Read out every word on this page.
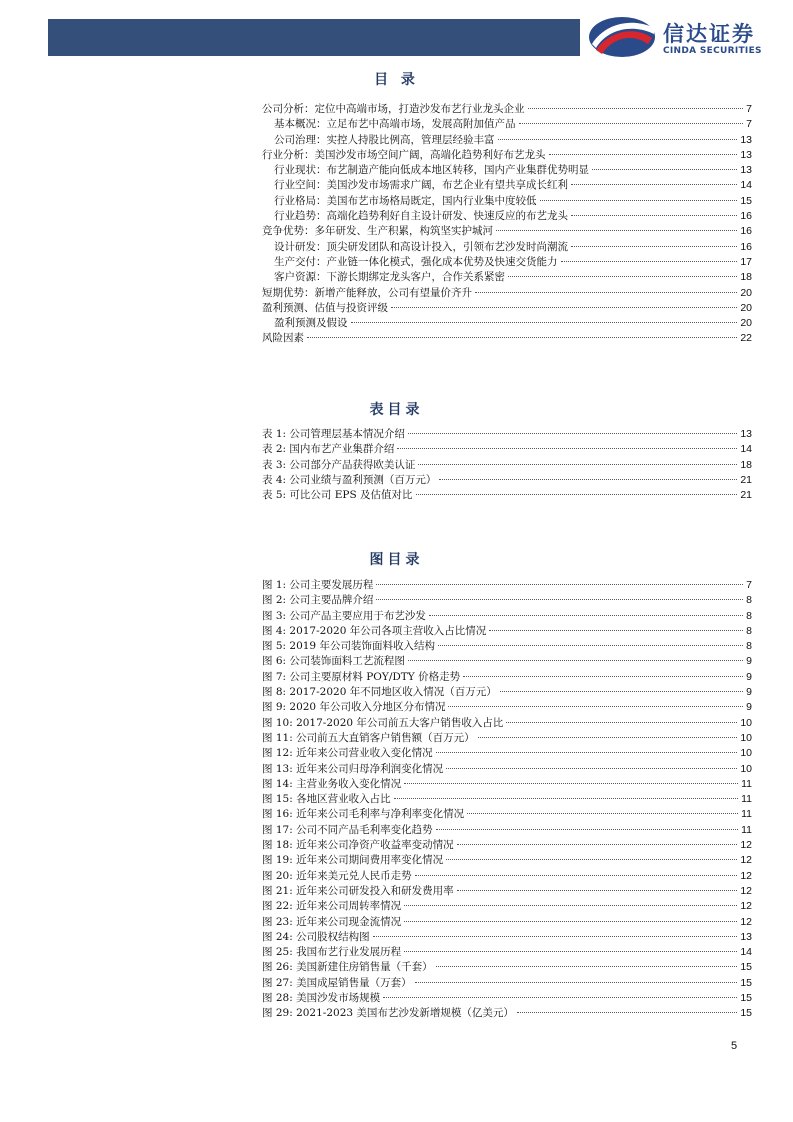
信达证券
CINDA SECURITIES
目 录
公司分析：定位中高端市场，打造沙发布艺行业龙头企业	7
基本概况：立足布艺中高端市场，发展高附加值产品	7
公司治理：实控人持股比例高，管理层经验丰富	13
行业分析：美国沙发市场空间广阔，高端化趋势利好布艺龙头	13
行业现状：布艺制造产能向低成本地区转移，国内产业集群优势明显	13
行业空间：美国沙发市场需求广阔，布艺企业有望共享成长红利	14
行业格局：美国布艺市场格局既定，国内行业集中度较低	15
行业趋势：高端化趋势利好自主设计研发、快速反应的布艺龙头	16
竞争优势：多年研发、生产积累，构筑坚实护城河	16
设计研发：顶尖研发团队和高设计投入，引领布艺沙发时尚潮流	16
生产交付：产业链一体化模式，强化成本优势及快速交货能力	17
客户资源：下游长期绑定龙头客户，合作关系紧密	18
短期优势：新增产能释放，公司有望量价齐升	20
盈利预测、估值与投资评级	20
盈利预测及假设	20
风险因素	22
表目录
表 1: 公司管理层基本情况介绍	13
表 2: 国内布艺产业集群介绍	14
表 3: 公司部分产品获得欧美认证	18
表 4: 公司业绩与盈利预测（百万元）	21
表 5: 可比公司 EPS 及估值对比	21
图目录
图 1: 公司主要发展历程	7
图 2: 公司主要品牌介绍	8
图 3: 公司产品主要应用于布艺沙发	8
图 4: 2017-2020 年公司各项主营收入占比情况	8
图 5: 2019 年公司装饰面料收入结构	8
图 6: 公司装饰面料工艺流程图	9
图 7: 公司主要原材料 POY/DTY 价格走势	9
图 8: 2017-2020 年不同地区收入情况（百万元）	9
图 9: 2020 年公司收入分地区分布情况	9
图 10: 2017-2020 年公司前五大客户销售收入占比	10
图 11: 公司前五大直销客户销售额（百万元）	10
图 12: 近年来公司营业收入变化情况	10
图 13: 近年来公司归母净利润变化情况	10
图 14: 主营业务收入变化情况	11
图 15: 各地区营业收入占比	11
图 16: 近年来公司毛利率与净利率变化情况	11
图 17: 公司不同产品毛利率变化趋势	11
图 18: 近年来公司净资产收益率变动情况	12
图 19: 近年来公司期间费用率变化情况	12
图 20: 近年来美元兑人民币走势	12
图 21: 近年来公司研发投入和研发费用率	12
图 22: 近年来公司周转率情况	12
图 23: 近年来公司现金流情况	12
图 24: 公司股权结构图	13
图 25: 我国布艺行业发展历程	14
图 26: 美国新建住房销售量（千套）	15
图 27: 美国成屋销售量（万套）	15
图 28: 美国沙发市场规模	15
图 29: 2021-2023 美国布艺沙发新增规模（亿美元）	15
5
